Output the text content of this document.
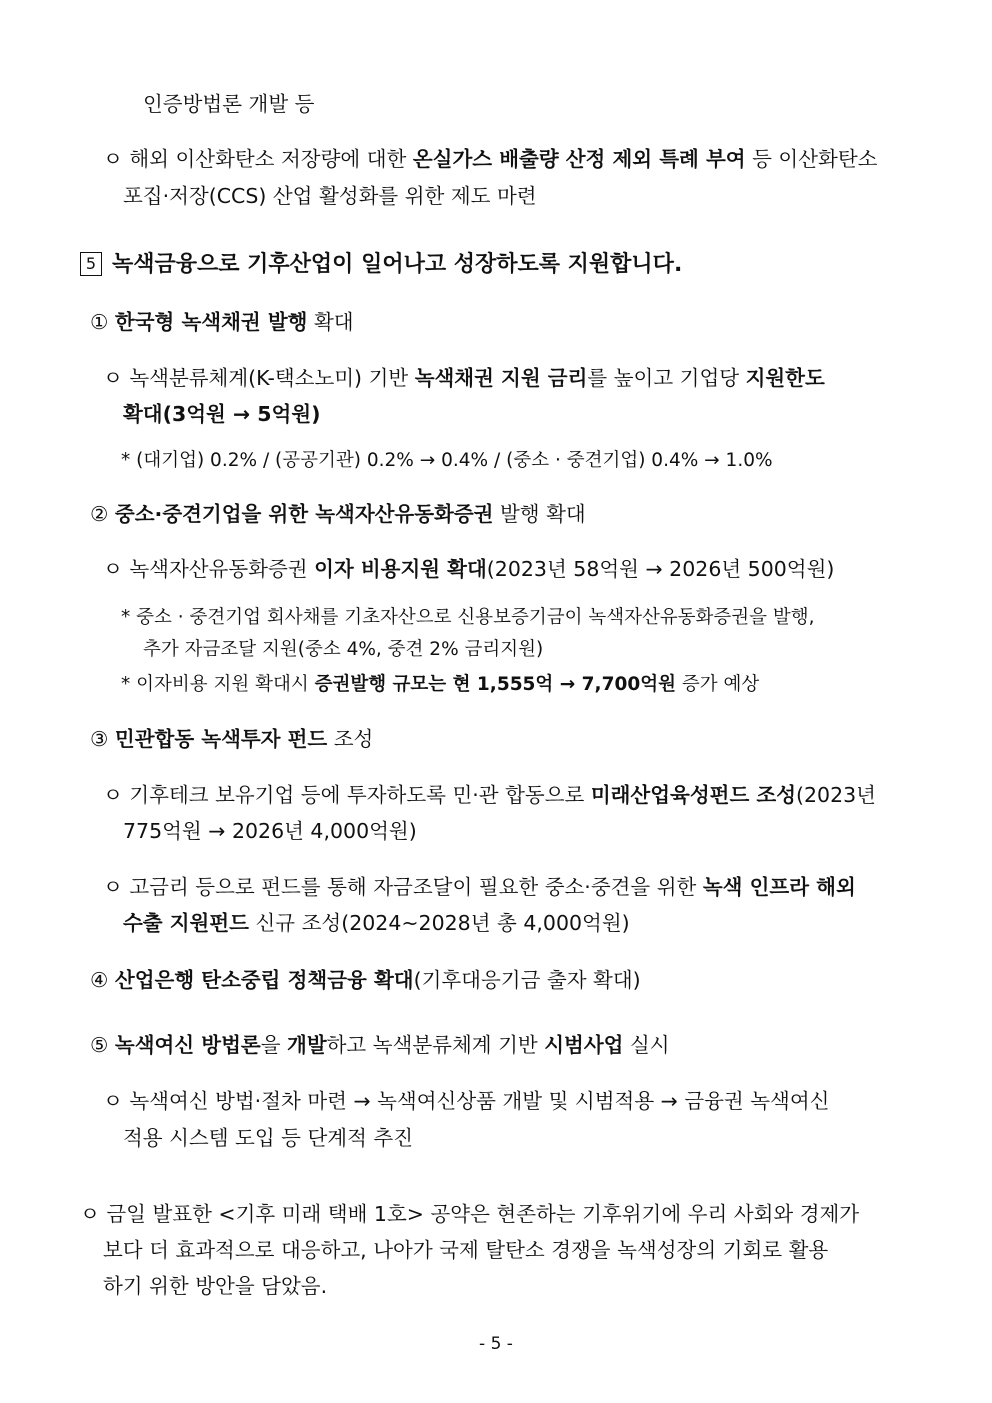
인증방법론 개발 등
ㅇ 해외 이산화탄소 저장량에 대한 온실가스 배출량 산정 제외 특례 부여 등 이산화탄소
포집·저장(CCS) 산업 활성화를 위한 제도 마련
5 녹색금융으로 기후산업이 일어나고 성장하도록 지원합니다.
① 한국형 녹색채권 발행 확대
ㅇ 녹색분류체계(K-택소노미) 기반 녹색채권 지원 금리를 높이고 기업당 지원한도
확대(3억원 → 5억원)
* (대기업) 0.2% / (공공기관) 0.2% → 0.4% / (중소 · 중견기업) 0.4% → 1.0%
② 중소·중견기업을 위한 녹색자산유동화증권 발행 확대
ㅇ 녹색자산유동화증권 이자 비용지원 확대(2023년 58억원 → 2026년 500억원)
* 중소 · 중견기업 회사채를 기초자산으로 신용보증기금이 녹색자산유동화증권을 발행,
추가 자금조달 지원(중소 4%, 중견 2% 금리지원)
* 이자비용 지원 확대시 증권발행 규모는 현 1,555억 → 7,700억원 증가 예상
③ 민관합동 녹색투자 펀드 조성
ㅇ 기후테크 보유기업 등에 투자하도록 민·관 합동으로 미래산업육성펀드 조성(2023년
775억원 → 2026년 4,000억원)
ㅇ 고금리 등으로 펀드를 통해 자금조달이 필요한 중소·중견을 위한 녹색 인프라 해외
수출 지원펀드 신규 조성(2024~2028년 총 4,000억원)
④ 산업은행 탄소중립 정책금융 확대(기후대응기금 출자 확대)
⑤ 녹색여신 방법론을 개발하고 녹색분류체계 기반 시범사업 실시
ㅇ 녹색여신 방법·절차 마련 → 녹색여신상품 개발 및 시범적용 → 금융권 녹색여신
적용 시스템 도입 등 단계적 추진
ㅇ 금일 발표한 <기후 미래 택배 1호> 공약은 현존하는 기후위기에 우리 사회와 경제가
보다 더 효과적으로 대응하고, 나아가 국제 탈탄소 경쟁을 녹색성장의 기회로 활용
하기 위한 방안을 담았음.
- 5 -
